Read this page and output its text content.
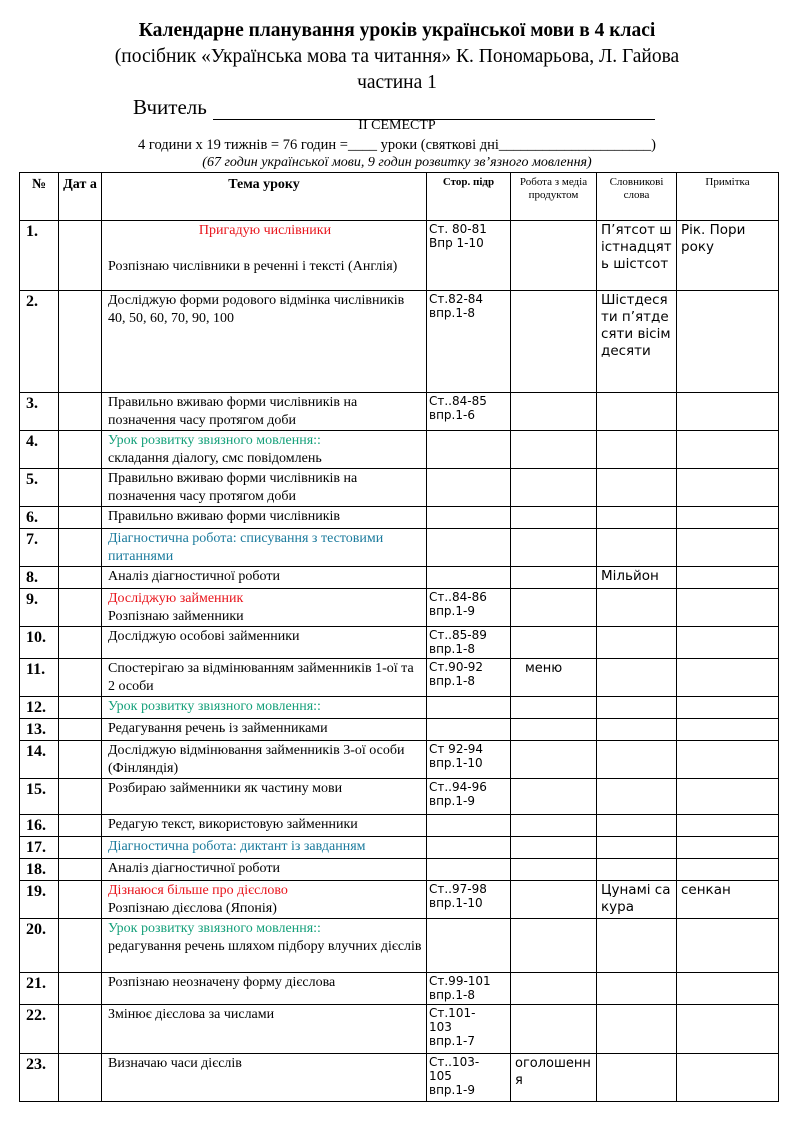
Календарне планування уроків української мови в 4 класі
(посібник «Українська мова та читання» К. Пономарьова, Л. Гайова
частина 1
Вчитель
II СЕМЕСТР
4 години х 19 тижнів = 76 годин =____ уроки (святкові дні_____________________)
(67 годин української мови, 9 годин розвитку зв’язного мовлення)
№	Дат а	Тема уроку	Стор. підр	Робота з медіа продуктом	Словникові слова	Примітка
1.		Пригадую числівники

Розпізнаю числівники в реченні і тексті (Англія)	Ст. 80-81
Впр 1-10		П’ятсот шістнадцять шістсот	Рік. Пори року
2.		Досліджую форми родового відмінка числівників 40, 50, 60, 70, 90, 100	Ст.82-84
впр.1-8		Шістдесяти п’ятдесяти вісімдесяти	
3.		Правильно вживаю форми числівників на позначення часу протягом доби	Ст..84-85
впр.1-6			
4.		Урок розвитку звıязного мовлення::
складання діалогу, смс повідомлень				
5.		Правильно вживаю форми числівників на позначення часу протягом доби				
6.		Правильно вживаю форми числівників				
7.		Діагностична робота: списування з тестовими питаннями				
8.		Аналіз діагностичної роботи			Мільйон	
9.		Досліджую займенник
Розпізнаю займенники	Ст..84-86
впр.1-9			
10.		Досліджую особові займенники	Ст..85-89
впр.1-8			
11.		Спостерігаю за відмінюванням займенників 1-ої та 2 особи	Ст.90-92
впр.1-8	меню		

12.		Урок розвитку звıязного мовлення::				
13.		Редагування речень із займенниками				
14.		Досліджую відмінювання займенників 3-ої особи (Фінляндія)	Ст 92-94
впр.1-10			
15.		Розбираю займенники як частину мови	Ст..94-96
впр.1-9			
16.		Редагую текст, використовую займенники				
17.		Діагностична робота: диктант із завданням				
18.		Аналіз діагностичної роботи				
19.		Дізнаюся більше про дієслово
Розпізнаю дієслова (Японія)	Ст..97-98
впр.1-10		Цунамі сакура	сенкан
20.		Урок розвитку звıязного мовлення::
редагування речень шляхом підбору влучних дієслів				
21.		Розпізнаю неозначену форму дієслова	Ст.99-101
впр.1-8			
22.		Змінює дієслова за числами	Ст.101-
103
впр.1-7			
23.		Визначаю часи дієслів	Ст..103-
105
впр.1-9	оголошення		
